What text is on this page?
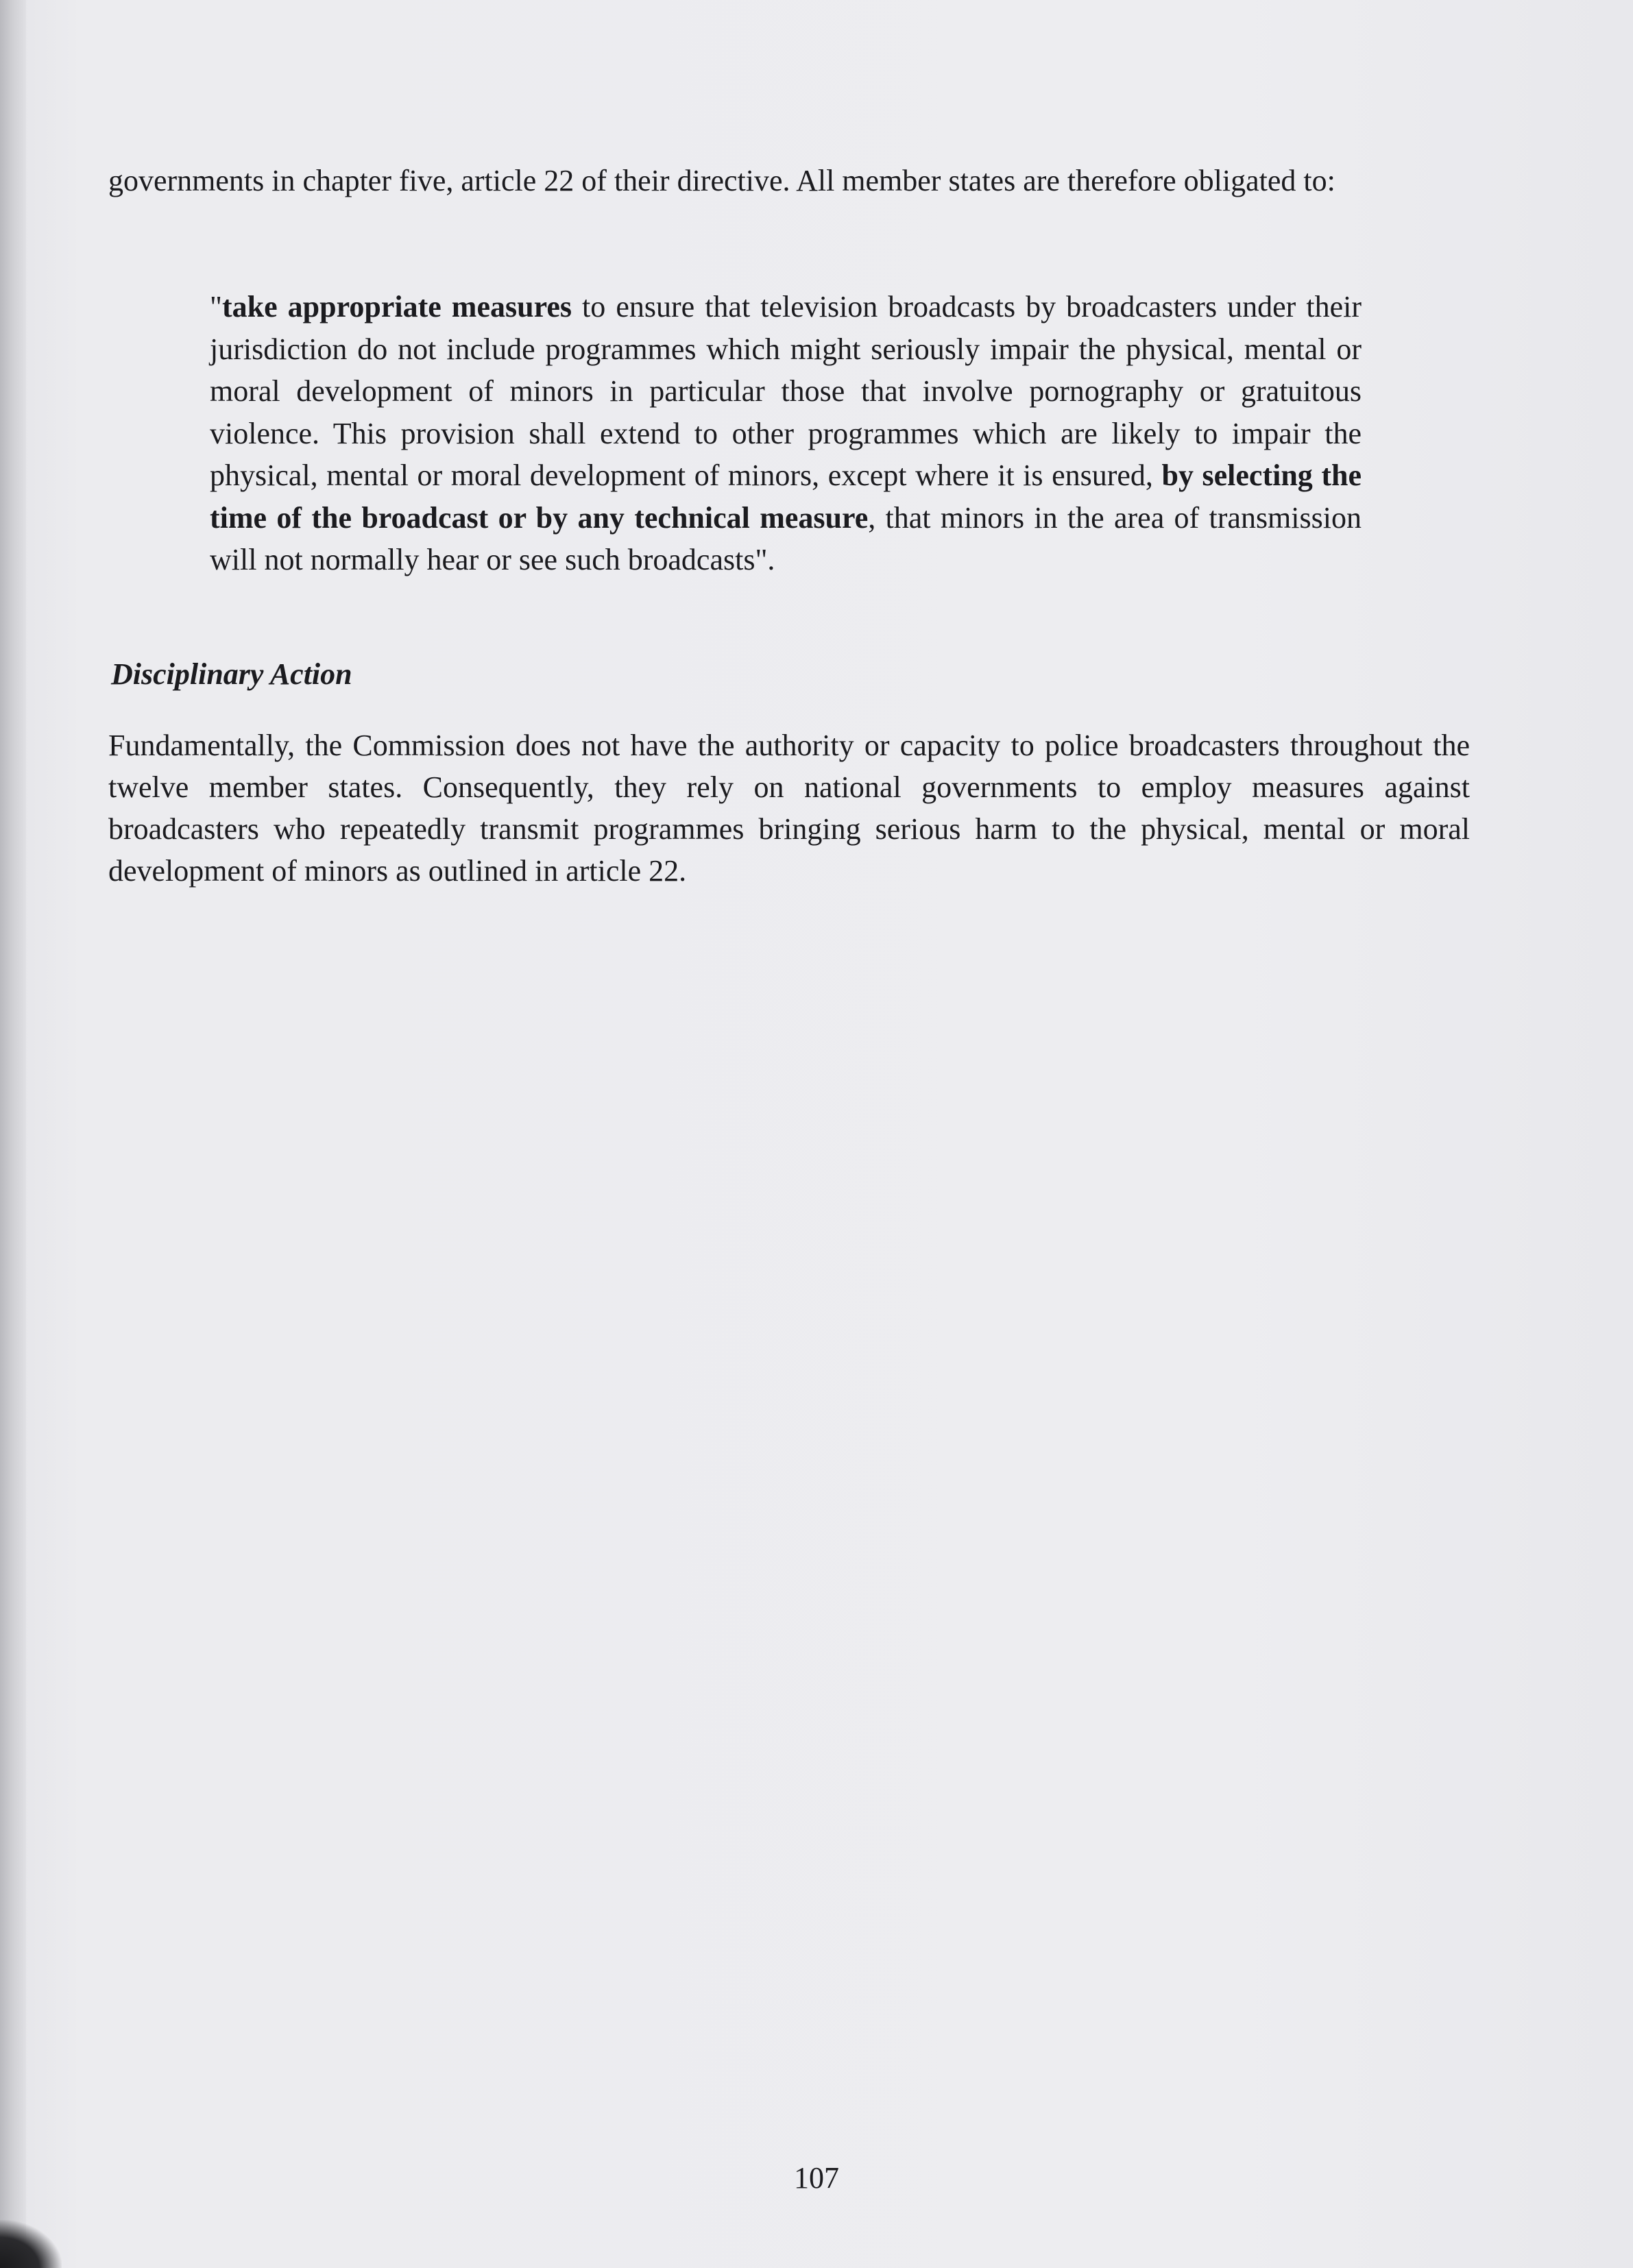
governments in chapter five, article 22 of their directive. All member states are therefore obligated to:

"take appropriate measures to ensure that television broadcasts by broadcasters under their jurisdiction do not include programmes which might seriously impair the physical, mental or moral development of minors in particular those that involve pornography or gratuitous violence. This provision shall extend to other programmes which are likely to impair the physical, mental or moral development of minors, except where it is ensured, by selecting the time of the broadcast or by any technical measure, that minors in the area of transmission will not normally hear or see such broadcasts".

Disciplinary Action

Fundamentally, the Commission does not have the authority or capacity to police broadcasters throughout the twelve member states. Consequently, they rely on national governments to employ measures against broadcasters who repeatedly transmit programmes bringing serious harm to the physical, mental or moral development of minors as outlined in article 22.

107
